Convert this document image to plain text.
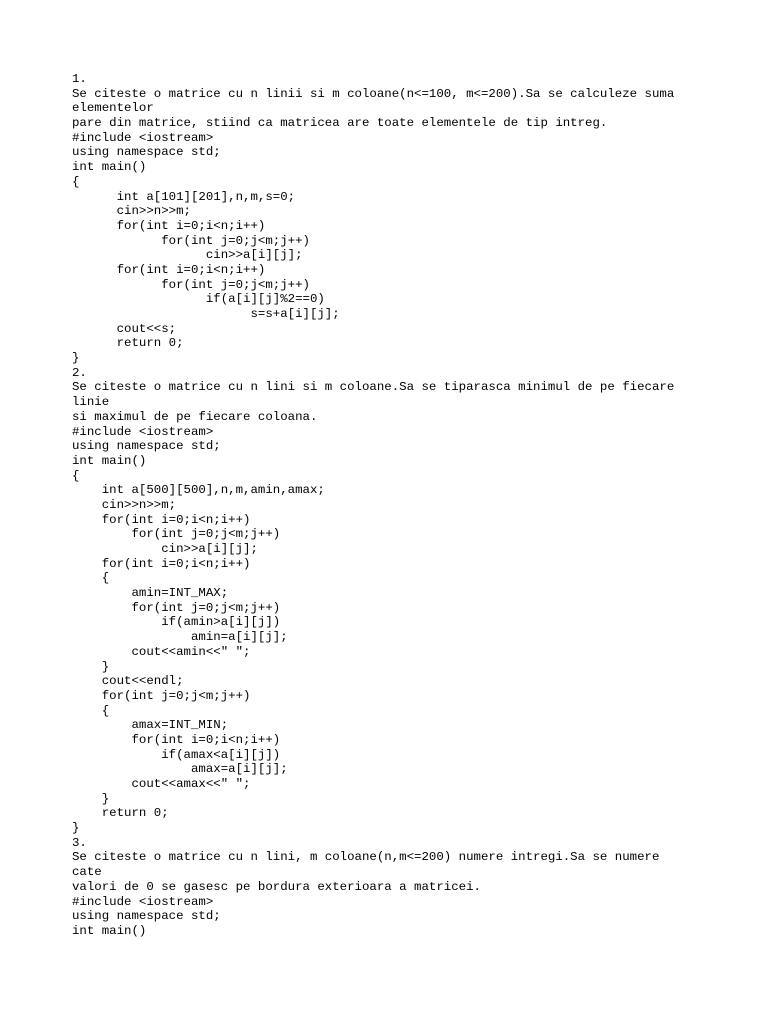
1.
Se citeste o matrice cu n linii si m coloane(n<=100, m<=200).Sa se calculeze suma
elementelor
pare din matrice, stiind ca matricea are toate elementele de tip intreg.
#include <iostream>
using namespace std;
int main()
{
int a[101][201],n,m,s=0;
cin>>n>>m;
for(int i=0;i<n;i++)
for(int j=0;j<m;j++)
cin>>a[i][j];
for(int i=0;i<n;i++)
for(int j=0;j<m;j++)
if(a[i][j]%2==0)
s=s+a[i][j];
cout<<s;
return 0;
}
2.
Se citeste o matrice cu n lini si m coloane.Sa se tiparasca minimul de pe fiecare
linie
si maximul de pe fiecare coloana.
#include <iostream>
using namespace std;
int main()
{
int a[500][500],n,m,amin,amax;
cin>>n>>m;
for(int i=0;i<n;i++)
for(int j=0;j<m;j++)
cin>>a[i][j];
for(int i=0;i<n;i++)
{
amin=INT_MAX;
for(int j=0;j<m;j++)
if(amin>a[i][j])
amin=a[i][j];
cout<<amin<<" ";
}
cout<<endl;
for(int j=0;j<m;j++)
{
amax=INT_MIN;
for(int i=0;i<n;i++)
if(amax<a[i][j])
amax=a[i][j];
cout<<amax<<" ";
}
return 0;
}
3.
Se citeste o matrice cu n lini, m coloane(n,m<=200) numere intregi.Sa se numere
cate
valori de 0 se gasesc pe bordura exterioara a matricei.
#include <iostream>
using namespace std;
int main()
